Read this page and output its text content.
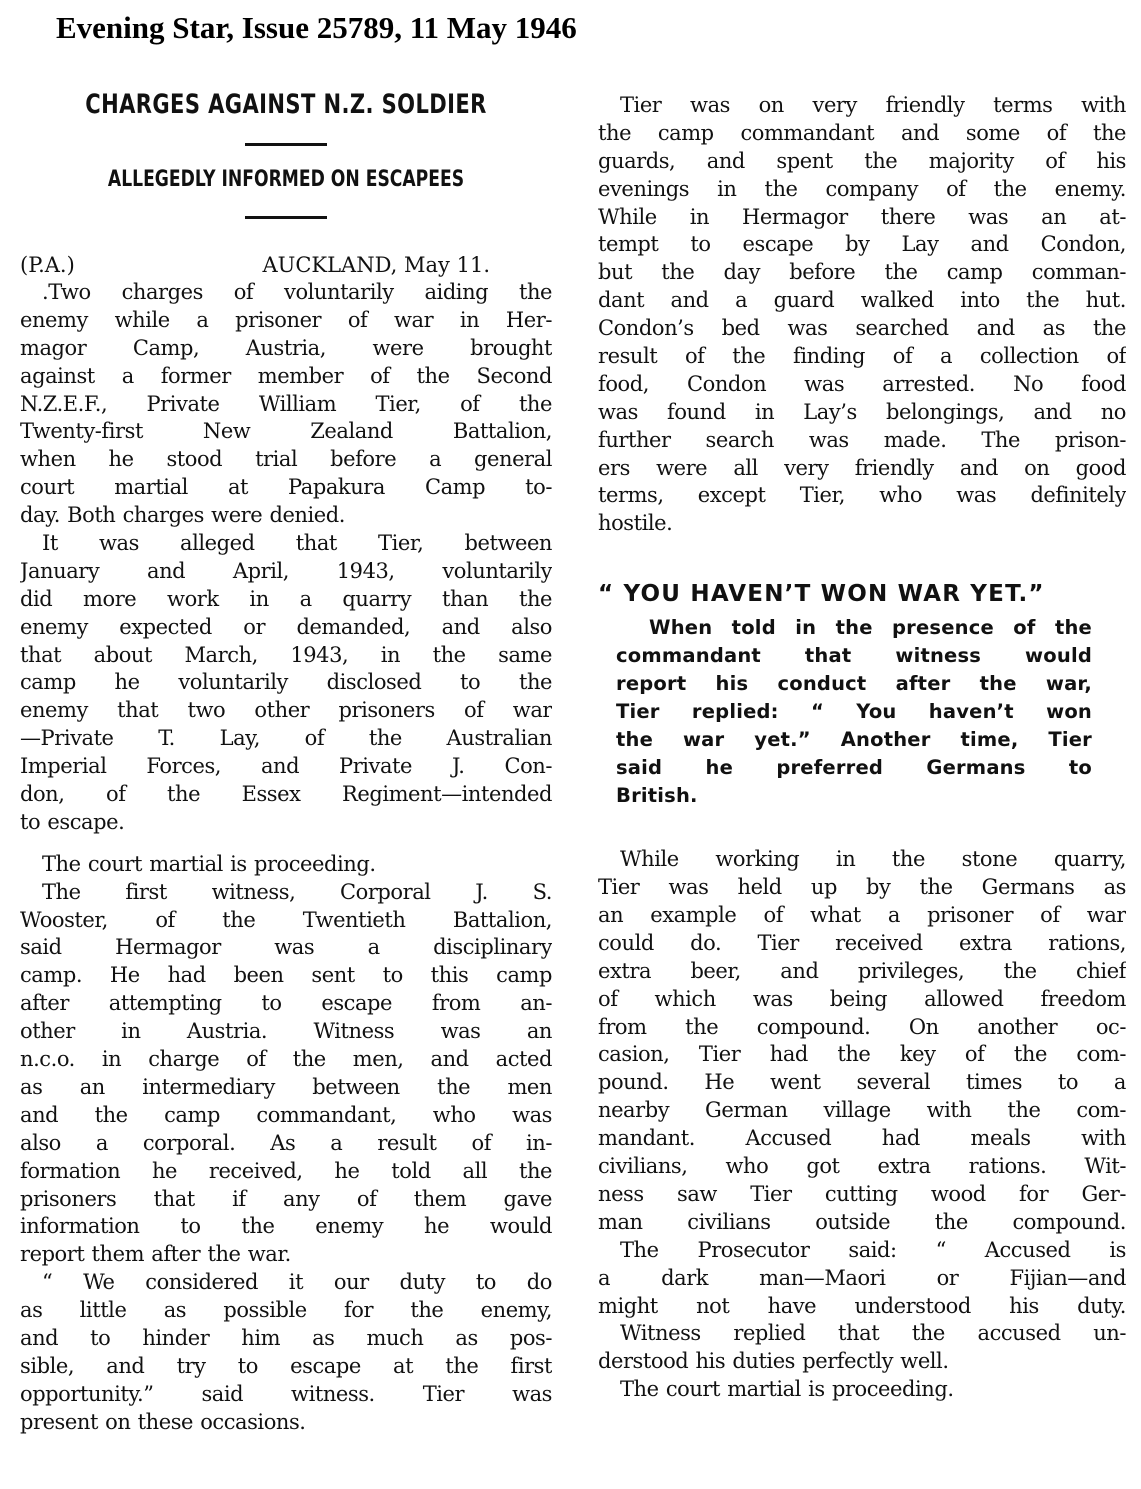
Evening Star, Issue 25789, 11 May 1946
CHARGES AGAINST N.Z. SOLDIER
ALLEGEDLY INFORMED ON ESCAPEES
(P.A.)	AUCKLAND, May 11.
.Two charges of voluntarily aiding the
enemy while a prisoner of war in Her-
magor Camp, Austria, were brought
against a former member of the Second
N.Z.E.F., Private William Tier, of the
Twenty-first New Zealand Battalion,
when he stood trial before a general
court martial at Papakura Camp to-
day. Both charges were denied.
It was alleged that Tier, between
January and April, 1943, voluntarily
did more work in a quarry than the
enemy expected or demanded, and also
that about March, 1943, in the same
camp he voluntarily disclosed to the
enemy that two other prisoners of war
—Private T. Lay, of the Australian
Imperial Forces, and Private J. Con-
don, of the Essex Regiment—intended
to escape.
The court martial is proceeding.
The first witness, Corporal J. S.
Wooster, of the Twentieth Battalion,
said Hermagor was a disciplinary
camp. He had been sent to this camp
after attempting to escape from an-
other in Austria. Witness was an
n.c.o. in charge of the men, and acted
as an intermediary between the men
and the camp commandant, who was
also a corporal. As a result of in-
formation he received, he told all the
prisoners that if any of them gave
information to the enemy he would
report them after the war.
“ We considered it our duty to do
as little as possible for the enemy,
and to hinder him as much as pos-
sible, and try to escape at the first
opportunity.” said witness. Tier was
present on these occasions.
Tier was on very friendly terms with
the camp commandant and some of the
guards, and spent the majority of his
evenings in the company of the enemy.
While in Hermagor there was an at-
tempt to escape by Lay and Condon,
but the day before the camp comman-
dant and a guard walked into the hut.
Condon’s bed was searched and as the
result of the finding of a collection of
food, Condon was arrested. No food
was found in Lay’s belongings, and no
further search was made. The prison-
ers were all very friendly and on good
terms, except Tier, who was definitely
hostile.
“ YOU HAVEN’T WON WAR YET.”
When told in the presence of the
commandant that witness would
report his conduct after the war,
Tier replied: “ You haven’t won
the war yet.” Another time, Tier
said he preferred Germans to
British.
While working in the stone quarry,
Tier was held up by the Germans as
an example of what a prisoner of war
could do. Tier received extra rations,
extra beer, and privileges, the chief
of which was being allowed freedom
from the compound. On another oc-
casion, Tier had the key of the com-
pound. He went several times to a
nearby German village with the com-
mandant. Accused had meals with
civilians, who got extra rations. Wit-
ness saw Tier cutting wood for Ger-
man civilians outside the compound.
The Prosecutor said: “ Accused is
a dark man—Maori or Fijian—and
might not have understood his duty.
Witness replied that the accused un-
derstood his duties perfectly well.
The court martial is proceeding.
